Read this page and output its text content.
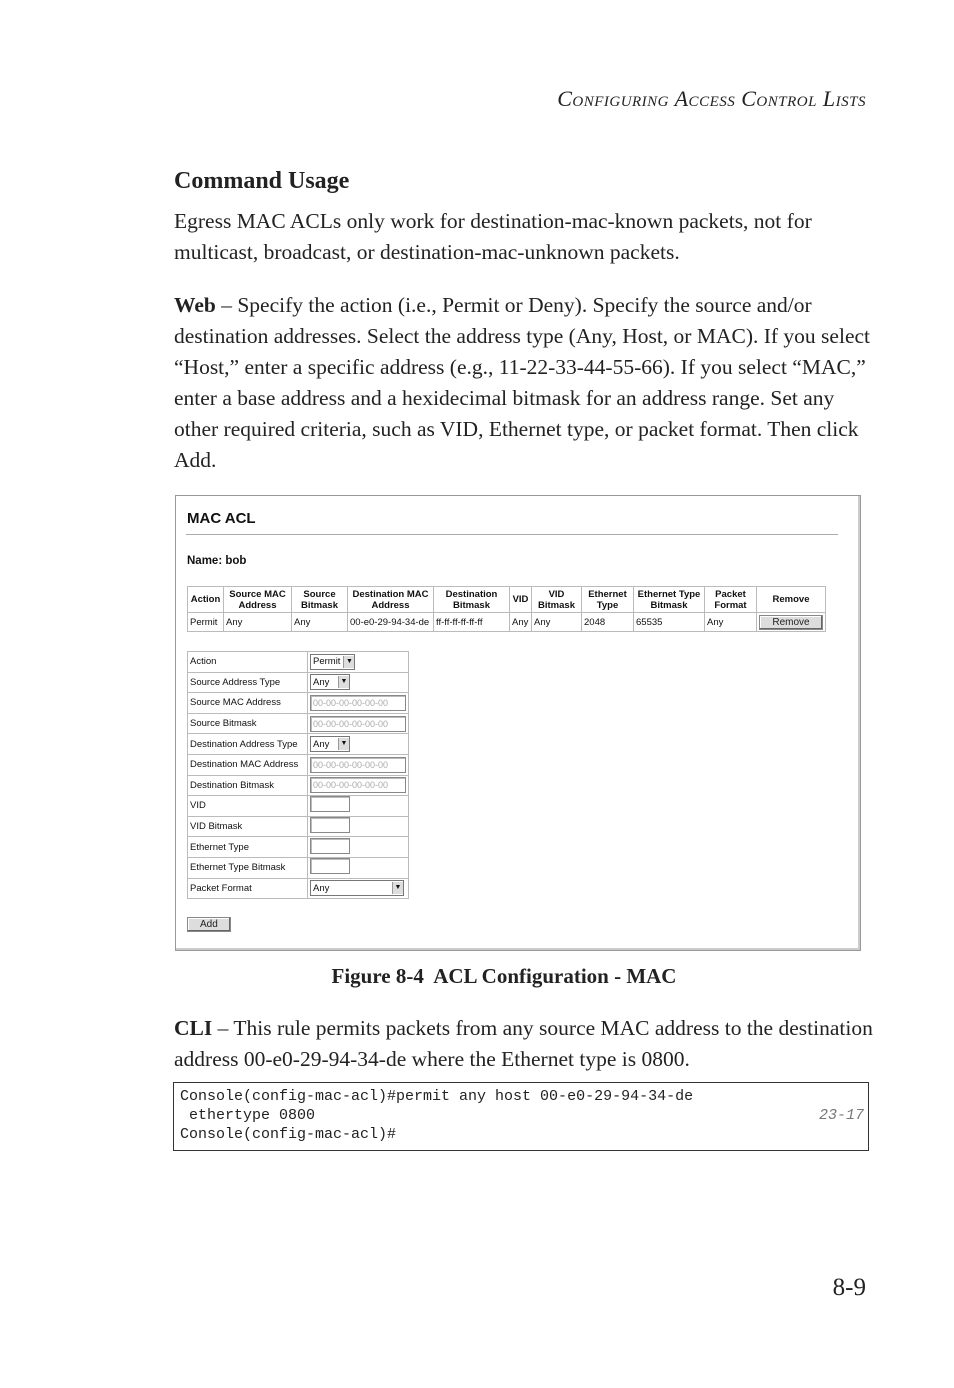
Configuring Access Control Lists
Command Usage
Egress MAC ACLs only work for destination-mac-known packets, not for multicast, broadcast, or destination-mac-unknown packets.
Web – Specify the action (i.e., Permit or Deny). Specify the source and/or destination addresses. Select the address type (Any, Host, or MAC). If you select “Host,” enter a specific address (e.g., 11-22-33-44-55-66). If you select “MAC,” enter a base address and a hexidecimal bitmask for an address range. Set any other required criteria, such as VID, Ethernet type, or packet format. Then click Add.
MAC ACL
Name: bob
Action	Source MAC Address	Source Bitmask	Destination MAC Address	Destination Bitmask	VID	VID Bitmask	Ethernet Type	Ethernet Type Bitmask	Packet Format	Remove
Permit	Any	Any	00-e0-29-94-34-de	ff-ff-ff-ff-ff-ff	Any	Any	2048	65535	Any	Remove
Action	Permit ▼

Source Address Type	Any ▼

Source MAC Address	00-00-00-00-00-00
Source Bitmask	00-00-00-00-00-00
Destination Address Type	Any ▼

Destination MAC Address	00-00-00-00-00-00
Destination Bitmask	00-00-00-00-00-00
VID	
VID Bitmask	
Ethernet Type	
Ethernet Type Bitmask	
Packet Format	Any ▼
Add
Figure 8-4 ACL Configuration - MAC
CLI – This rule permits packets from any source MAC address to the destination address 00-e0-29-94-34-de where the Ethernet type is 0800.
Console(config-mac-acl)#permit any host 00-e0-29-94-34-de
ethertype 0800	23-17
Console(config-mac-acl)#
8-9
